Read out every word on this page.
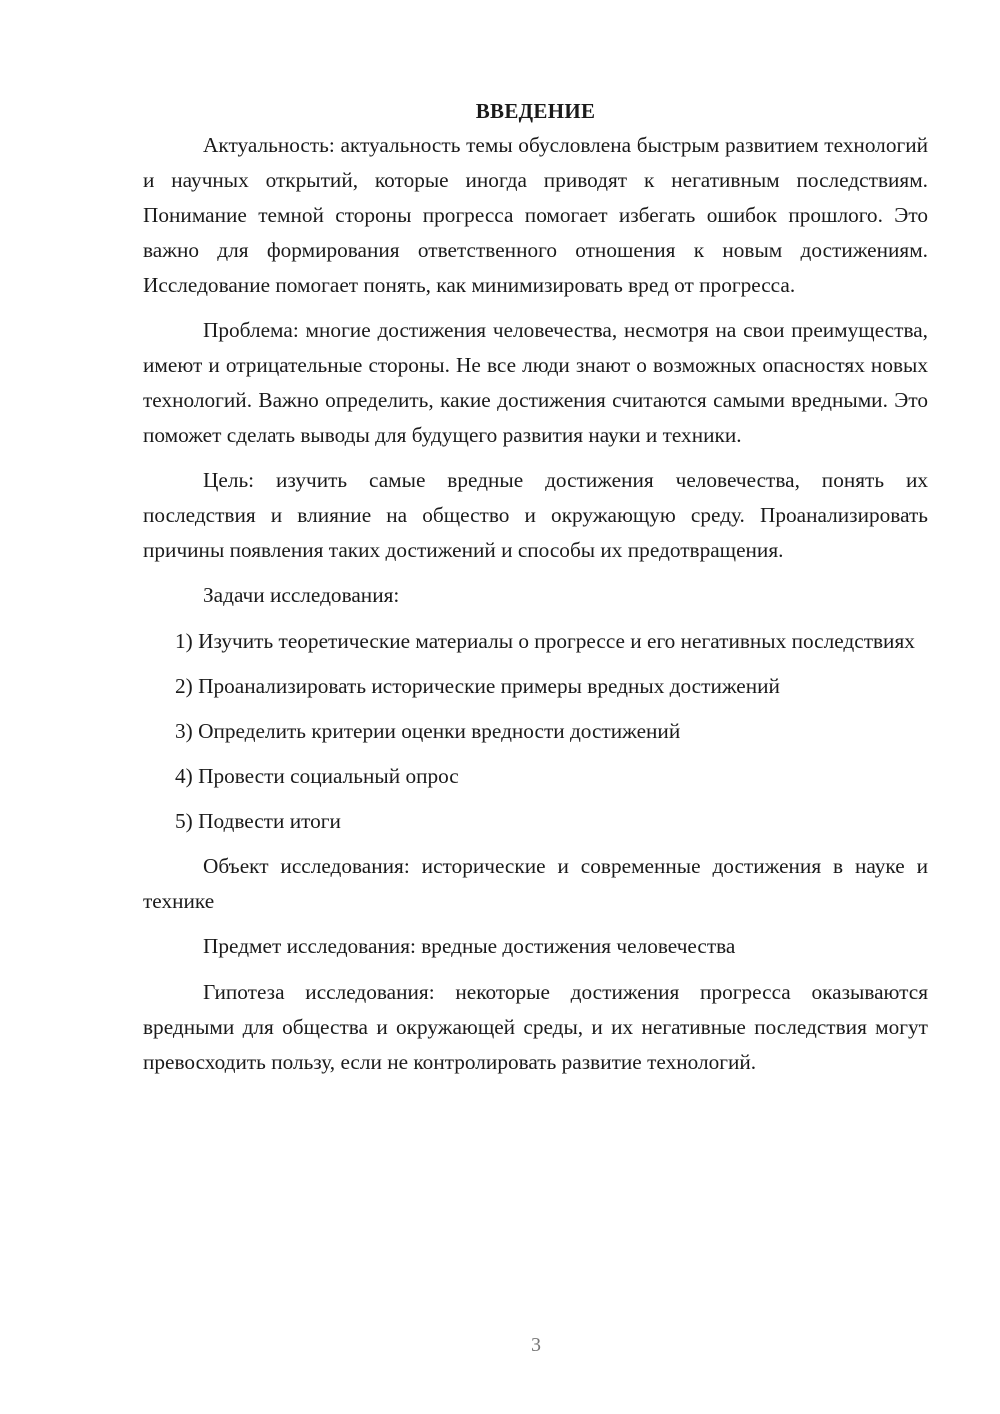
ВВЕДЕНИЕ

Актуальность: актуальность темы обусловлена быстрым развитием технологий и научных открытий, которые иногда приводят к негативным последствиям. Понимание темной стороны прогресса помогает избегать ошибок прошлого. Это важно для формирования ответственного отношения к новым достижениям. Исследование помогает понять, как минимизировать вред от прогресса.

Проблема: многие достижения человечества, несмотря на свои преимущества, имеют и отрицательные стороны. Не все люди знают о возможных опасностях новых технологий. Важно определить, какие достижения считаются самыми вредными. Это поможет сделать выводы для будущего развития науки и техники.

Цель: изучить самые вредные достижения человечества, понять их последствия и влияние на общество и окружающую среду. Проанализировать причины появления таких достижений и способы их предотвращения.

Задачи исследования:

1) Изучить теоретические материалы о прогрессе и его негативных последствиях

2) Проанализировать исторические примеры вредных достижений

3) Определить критерии оценки вредности достижений

4) Провести социальный опрос

5) Подвести итоги

Объект исследования: исторические и современные достижения в науке и технике

Предмет исследования: вредные достижения человечества

Гипотеза исследования: некоторые достижения прогресса оказываются вредными для общества и окружающей среды, и их негативные последствия могут превосходить пользу, если не контролировать развитие технологий.

3
